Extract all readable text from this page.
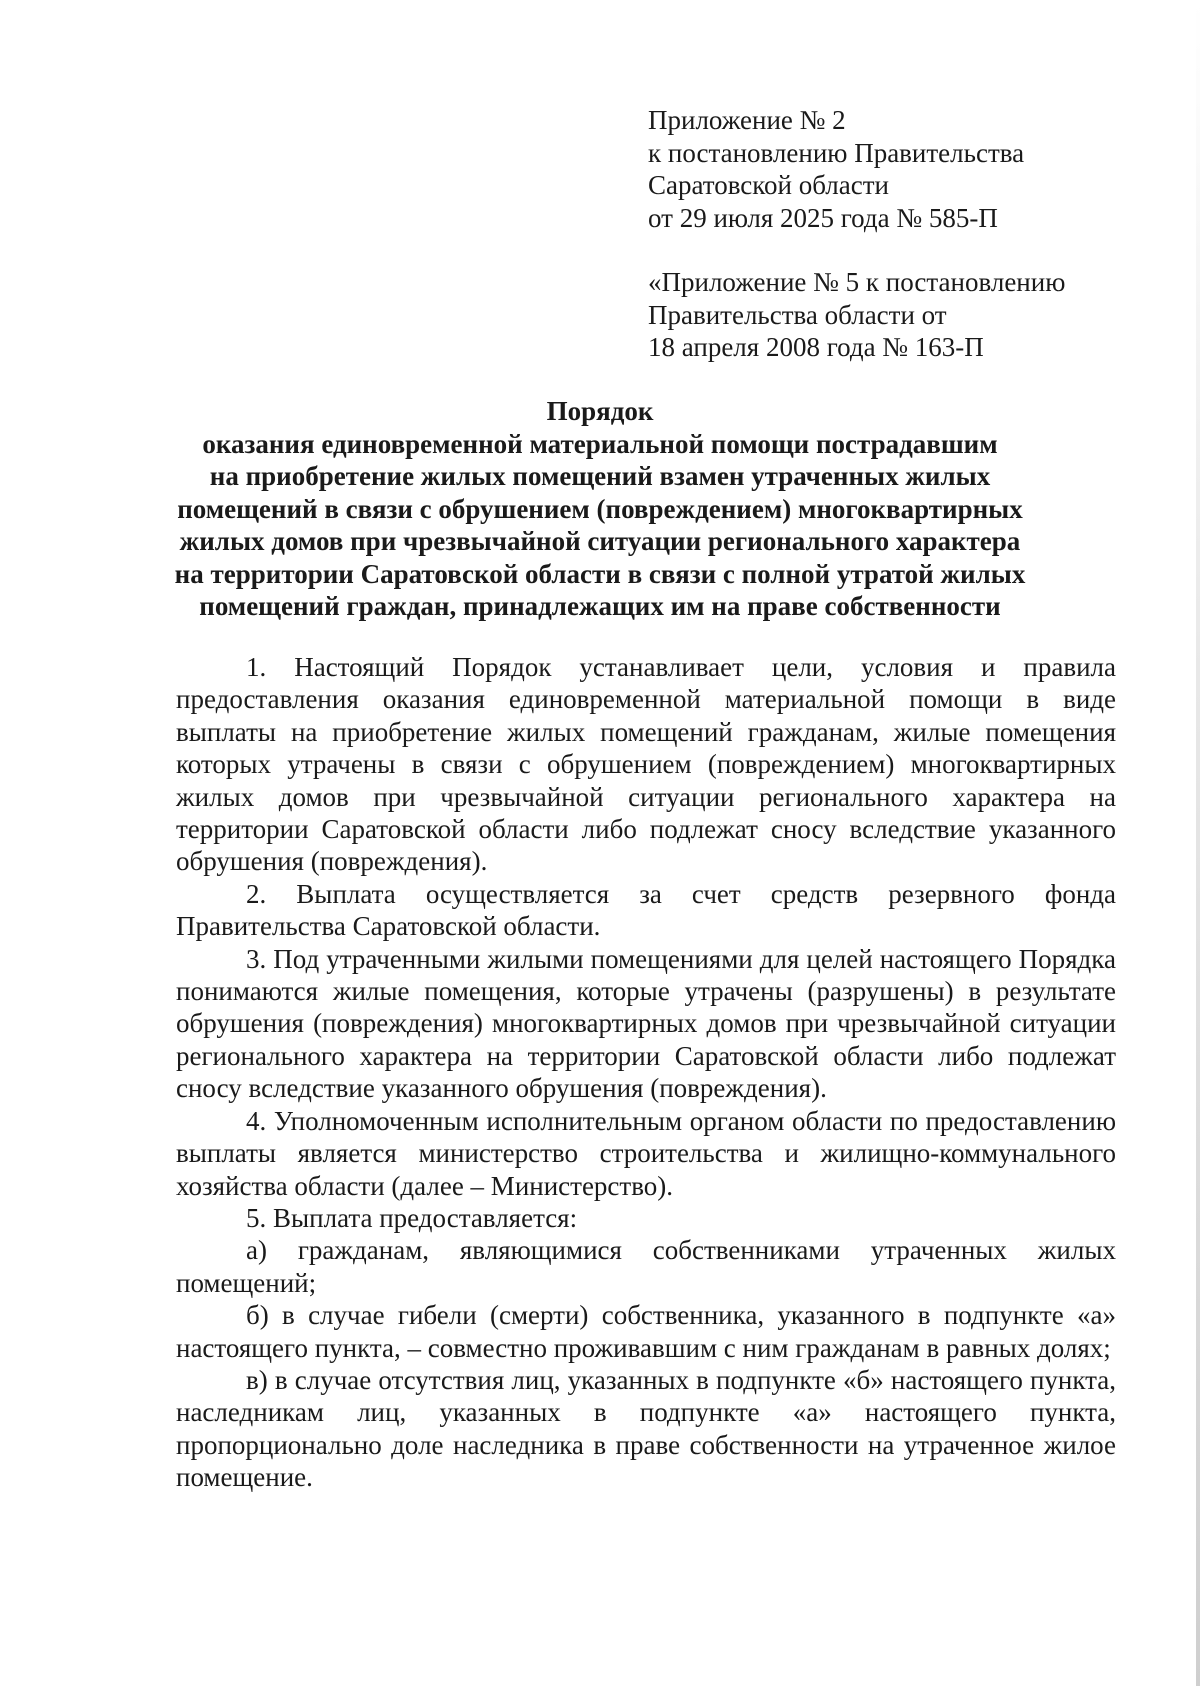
Приложение № 2
к постановлению Правительства
Саратовской области
от 29 июля 2025 года № 585-П
«Приложение № 5 к постановлению
Правительства области от
18 апреля 2008 года № 163-П
Порядок
оказания единовременной материальной помощи пострадавшим
на приобретение жилых помещений взамен утраченных жилых
помещений в связи с обрушением (повреждением) многоквартирных
жилых домов при чрезвычайной ситуации регионального характера
на территории Саратовской области в связи с полной утратой жилых
помещений граждан, принадлежащих им на праве собственности

1. Настоящий Порядок устанавливает цели, условия и правила предоставления оказания единовременной материальной помощи в виде выплаты на приобретение жилых помещений гражданам, жилые помещения которых утрачены в связи с обрушением (повреждением) многоквартирных жилых домов при чрезвычайной ситуации регионального характера на территории Саратовской области либо подлежат сносу вследствие указанного обрушения (повреждения).

2. Выплата осуществляется за счет средств резервного фонда Правительства Саратовской области.

3. Под утраченными жилыми помещениями для целей настоящего Порядка понимаются жилые помещения, которые утрачены (разрушены) в результате обрушения (повреждения) многоквартирных домов при чрезвычайной ситуации регионального характера на территории Саратовской области либо подлежат сносу вследствие указанного обрушения (повреждения).

4. Уполномоченным исполнительным органом области по предоставлению выплаты является министерство строительства и жилищно-коммунального хозяйства области (далее – Министерство).

5. Выплата предоставляется:

а) гражданам, являющимися собственниками утраченных жилых помещений;

б) в случае гибели (смерти) собственника, указанного в подпункте «а» настоящего пункта, – совместно проживавшим с ним гражданам в равных долях;

в) в случае отсутствия лиц, указанных в подпункте «б» настоящего пункта, наследникам лиц, указанных в подпункте «а» настоящего пункта, пропорционально доле наследника в праве собственности на утраченное жилое помещение.
